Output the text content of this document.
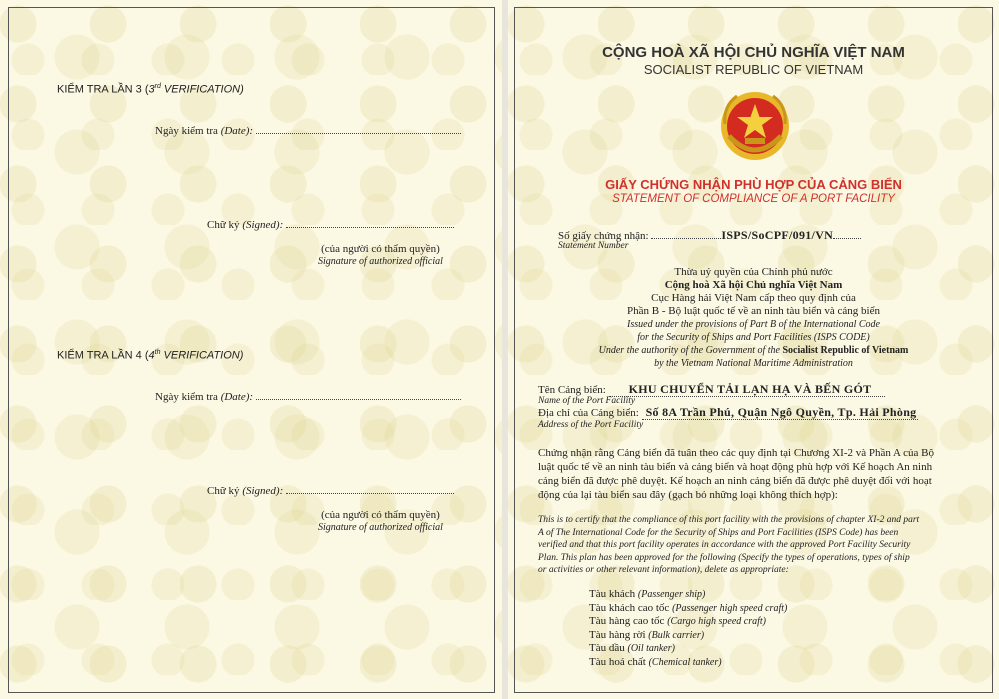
KIỂM TRA LẦN 3 (3rd VERIFICATION)
Ngày kiểm tra (Date):
Chữ ký (Signed):
(của người có thẩm quyền)
Signature of authorized official
KIỂM TRA LẦN 4 (4th VERIFICATION)
Ngày kiểm tra (Date):
Chữ ký (Signed):
(của người có thẩm quyền)
Signature of authorized official
CỘNG HOÀ XÃ HỘI CHỦ NGHĨA VIỆT NAM
SOCIALIST REPUBLIC OF VIETNAM
GIẤY CHỨNG NHẬN PHÙ HỢP CỦA CẢNG BIỂN
STATEMENT OF COMPLIANCE OF A PORT FACILITY
Số giấy chứng nhận:	ISPS/SoCPF/091/VN
Statement Number
Thừa uỷ quyền của Chính phủ nước
Cộng hoà Xã hội Chủ nghĩa Việt Nam
Cục Hàng hải Việt Nam cấp theo quy định của
Phần B - Bộ luật quốc tế về an ninh tàu biển và cảng biển
Issued under the provisions of Part B of the International Code
for the Security of Ships and Port Facilities (ISPS CODE)
Under the authority of the Government of the Socialist Republic of Vietnam
by the Vietnam National Maritime Administration
Tên Cảng biển: KHU CHUYỂN TẢI LẠN HẠ VÀ BẾN GÓT
Name of the Port Facility
Địa chỉ của Cảng biển: Số 8A Trần Phú, Quận Ngô Quyền, Tp. Hải Phòng
Address of the Port Facility
Chứng nhận rằng Cảng biển đã tuân theo các quy định tại Chương XI-2 và Phần A của Bộ
luật quốc tế về an ninh tàu biển và cảng biển và hoạt động phù hợp với Kế hoạch An ninh
cảng biển đã được phê duyệt. Kế hoạch an ninh cảng biển đã được phê duyệt đối với hoạt
động của lại tàu biển sau đây (gạch bỏ những loại không thích hợp):
This is to certify that the compliance of this port facility with the provisions of chapter XI-2 and part
A of The International Code for the Security of Ships and Port Facilities (ISPS Code) has been
verified and that this port facility operates in accordance with the approved Port Facility Security
Plan. This plan has been approved for the following (Specify the types of operations, types of ship
or activities or other relevant information), delete as appropriate:
Tàu khách (Passenger ship)
Tàu khách cao tốc (Passenger high speed craft)
Tàu hàng cao tốc (Cargo high speed craft)
Tàu hàng rời (Bulk carrier)
Tàu dầu (Oil tanker)
Tàu hoá chất (Chemical tanker)
